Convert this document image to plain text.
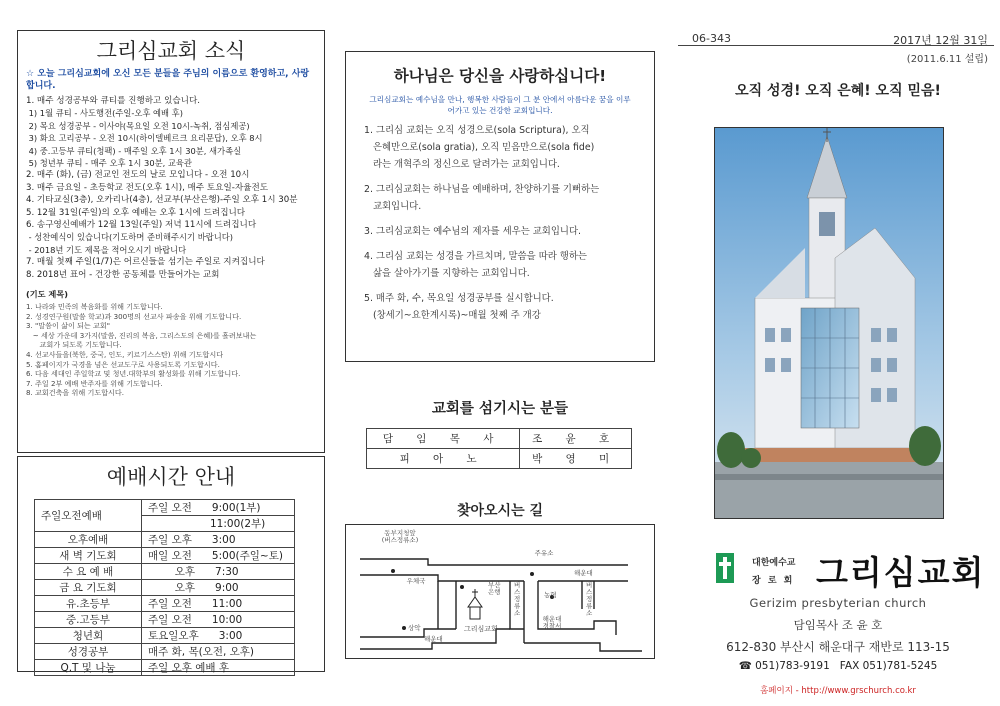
그리심교회 소식
☆ 오늘 그리심교회에 오신 모든 분들을 주님의 이름으로 환영하고, 사랑합니다.
1. 매주 성경공부와 큐티를 진행하고 있습니다.
1) 1월 큐티 - 사도행전(주일-오후 예배 후)
2) 목요 성경공부 - 이사야(목요일 오전 10시-녹취, 점심제공)
3) 화요 고리공부 - 오전 10시(하이델베르크 요리문답), 오후 8시
4) 중.고등부 큐티(청팩) - 매주일 오후 1시 30분, 새가족실
5) 청년부 큐티 - 매주 오후 1시 30분, 교육관
2. 매주 (화), (금) 전교인 전도의 날로 모입니다 - 오전 10시
3. 매주 금요일 - 초등학교 전도(오후 1시), 매주 토요일-자율전도
4. 기타교실(3층), 오카리나(4층), 선교부(부산은행)-주일 오후 1시 30분
5. 12월 31일(주일)의 오후 예배는 오후 1시에 드려집니다
6. 송구영신예배가 12월 13일(주일) 저녁 11시에 드려집니다
- 성찬예식이 있습니다(기도하며 준비해주시기 바랍니다)
- 2018년 기도 제목을 적어오시기 바랍니다
7. 매월 첫째 주일(1/7)은 어르신들을 섬기는 주일로 지켜집니다
8. 2018년 표어 - 건강한 공동체를 만들어가는 교회
(기도 제목)
1. 나라와 민족의 복음화를 위해 기도합니다.
2. 성경연구원(말씀 학교)과 300명의 선교사 파송을 위해 기도합니다.
3. "말씀이 삶이 되는 교회"
~ 세상 가운데 3가지(말씀, 진리의 복음, 그리스도의 은혜)를 흘려보내는
교회가 되도록 기도합니다.
4. 선교사들을(북한, 중국, 인도, 키르기스스탄) 위해 기도합시다
5. 홈페이지가 국경을 넘은 선교도구로 사용되도록 기도합시다.
6. 다음 세대인 주일학교 및 청년.대학부의 활성화를 위해 기도합니다.
7. 주일 2부 예배 반주자를 위해 기도합니다.
8. 교회건축을 위해 기도합시다.
예배시간 안내
주일오전예배	주일 오전      9:00(1부)
	11:00(2부)
오후예배	주일 오후      3:00
새 벽 기도회	매일 오전      5:00(주일~토)
수 요 예 배	오후      7:30
금 요 기도회	오후      9:00
유.초등부	주일 오전      11:00
중.고등부	주일 오전      10:00
청년회	토요일오후      3:00
성경공부	매주 화, 목(오전, 오후)
Q.T 및 나눔	주일 오후 예배 후
하나님은 당신을 사랑하십니다!
그리심교회는 예수님을 만나, 행복한 사람들이 그 분 안에서 아름다운 꿈을 이루어가고 있는 건강한 교회입니다.
1. 그리심 교회는 오직 성경으로(sola Scriptura), 오직
은혜만으로(sola gratia), 오직 믿음만으로(sola fide)
라는 개혁주의 정신으로 달려가는 교회입니다.
2. 그리심교회는 하나님을 예배하며, 찬양하기를 기뻐하는
교회입니다.
3. 그리심교회는 예수님의 제자를 세우는 교회입니다.
4. 그리심 교회는 성경을 가르치며, 말씀을 따라 행하는
삶을 살아가기를 지향하는 교회입니다.
5. 매주 화, 수, 목요일 성경공부를 실시합니다.
(창세기~요한계시록)~매월 첫째 주 개강
교회를 섬기시는 분들
담 임 목 사	조 윤 호
피 아 노	박 영 미
찾아오시는 길
동부지청앞 (버스정류소)
주유소
해운대
우체국	부산 은행
버 스 정 류 소
농협
버 스 정 류 소
해운대 경찰서
상악	그리심교회
해운대
06-343	2017년 12월 31일
(2011.6.11 설립)
오직 성경! 오직 은혜! 오직 믿음!
대한예수교
장 로 회 그리심교회
Gerizim presbyterian church
담임목사 조 윤 호
612-830 부산시 해운대구 재반로 113-15
☎ 051)783-9191   FAX 051)781-5245
홈페이지 - http://www.grschurch.co.kr
